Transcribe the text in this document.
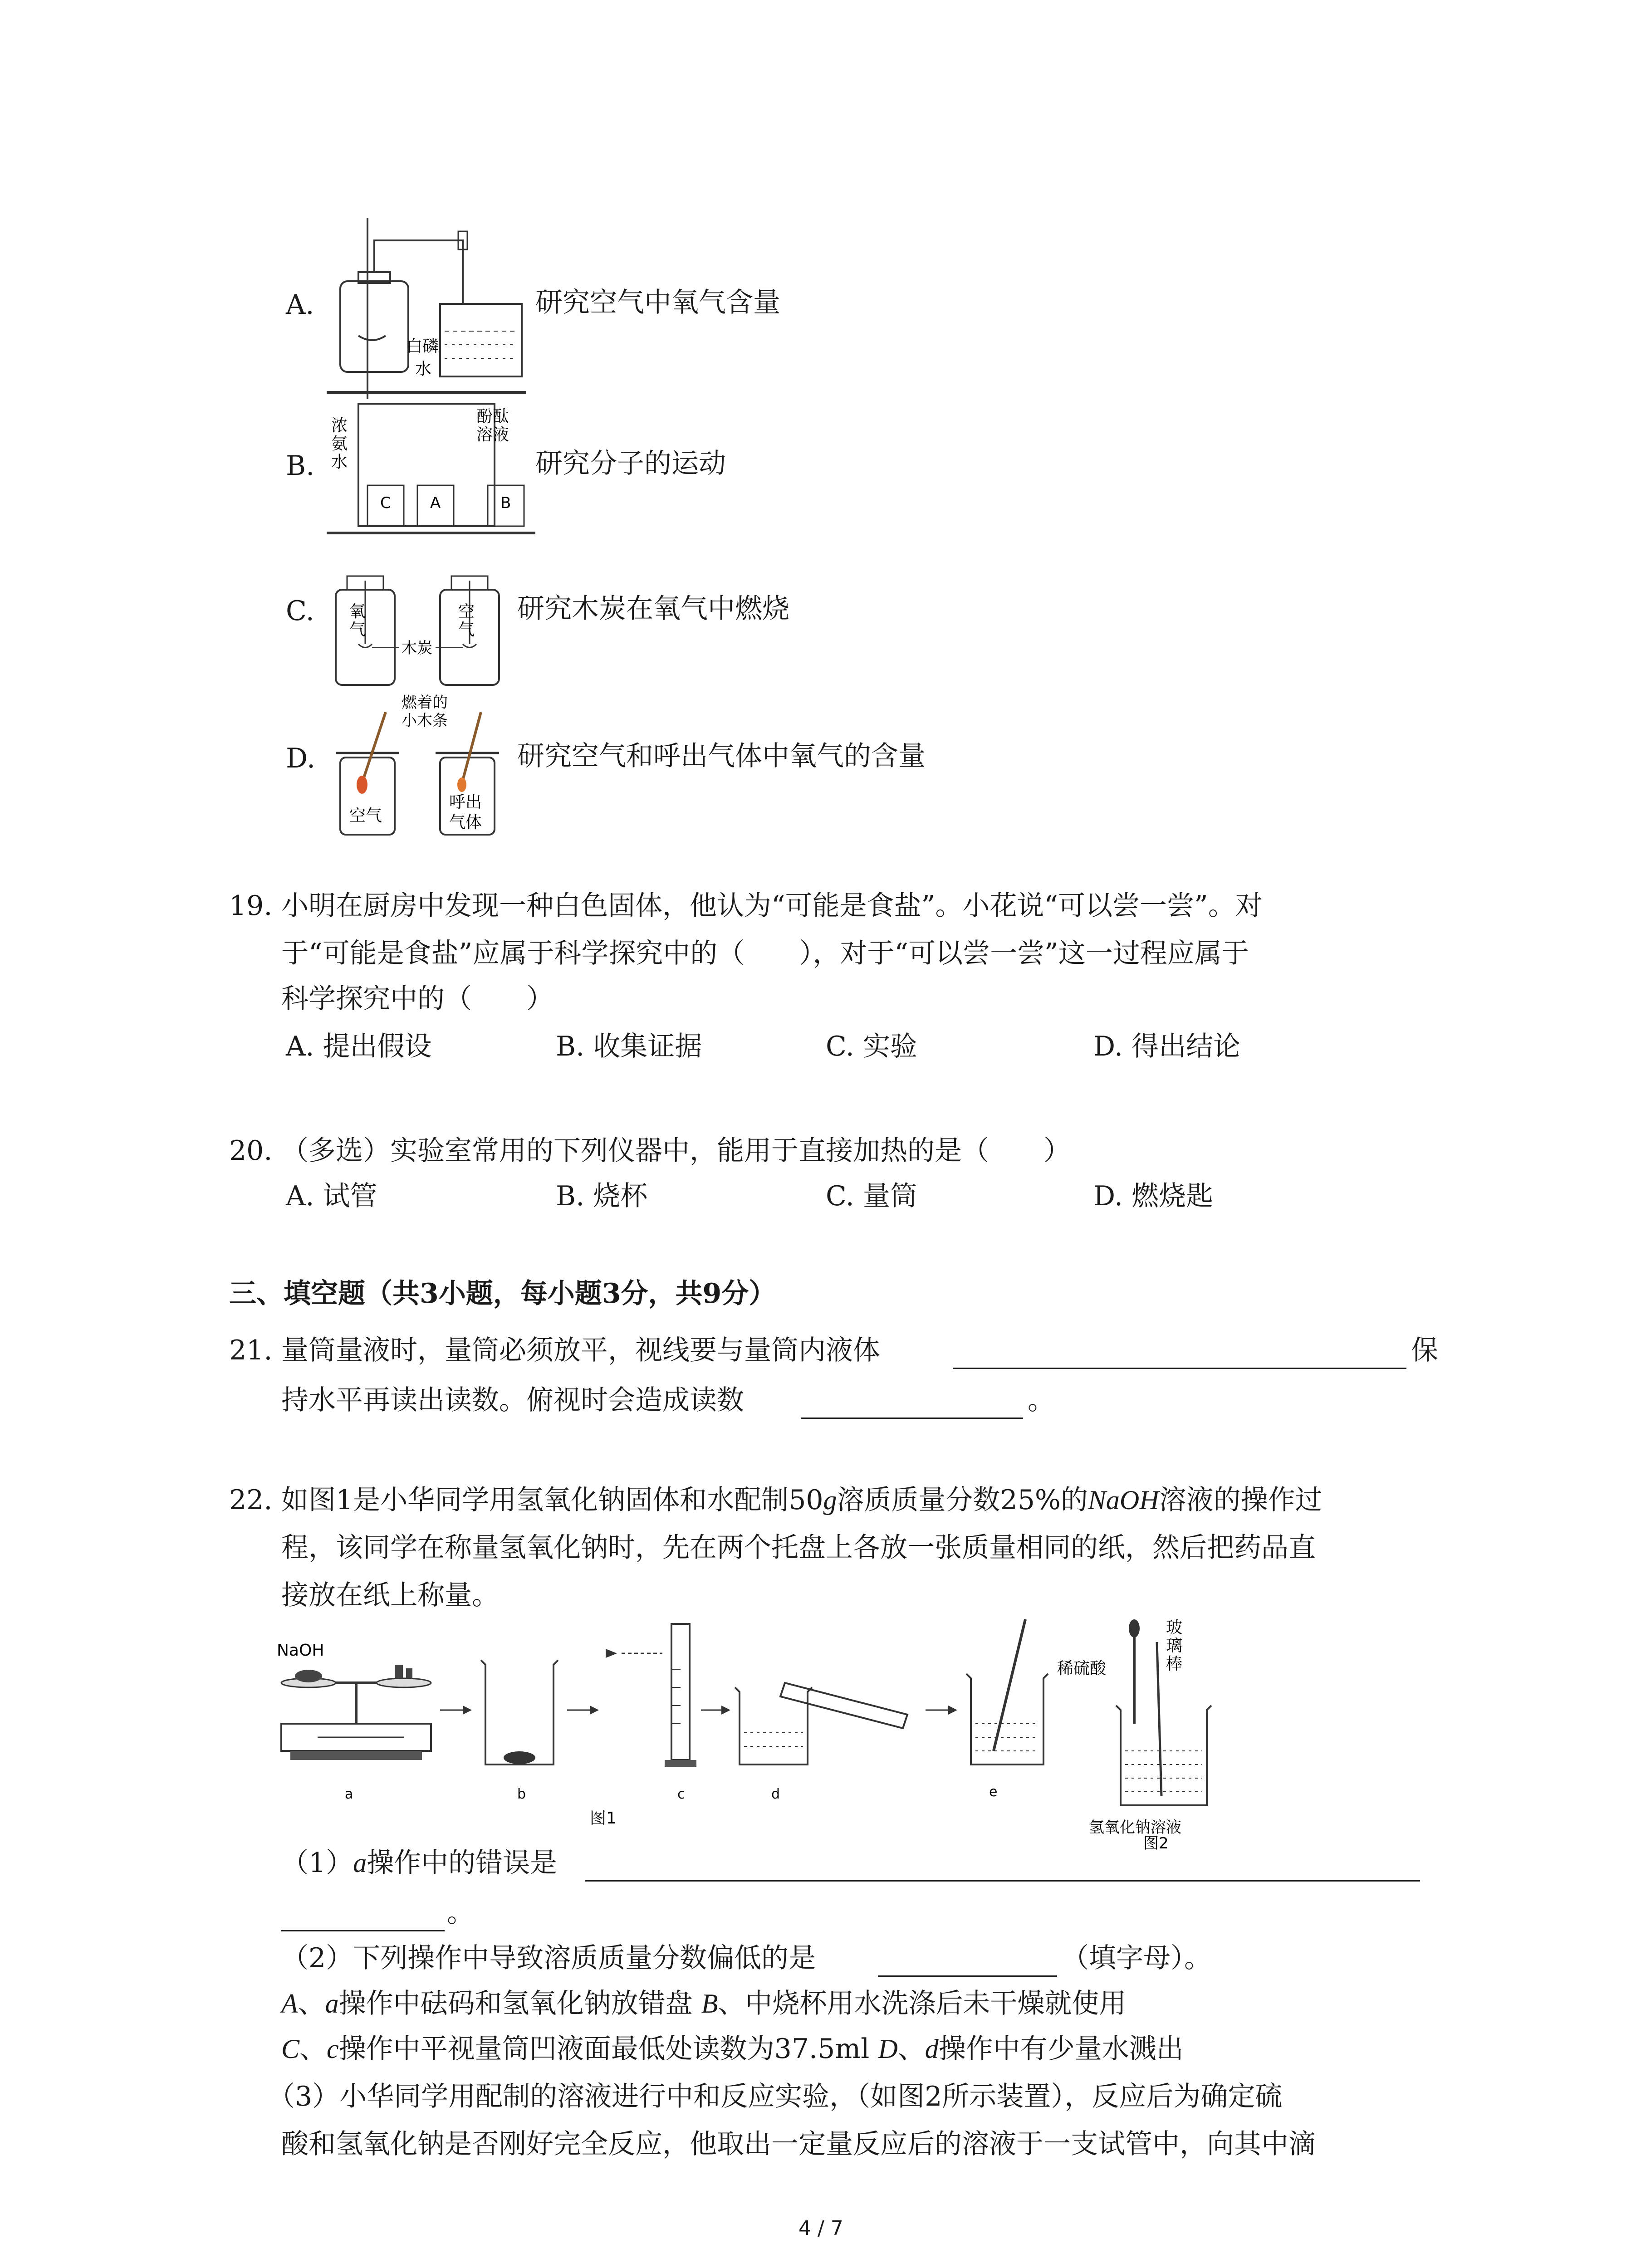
A.
白磷
水
研究空气中氧气含量
B.
浓
氨
水
酚酞
溶液
C	A	B
研究分子的运动
C. 氧
气
空
气
木炭
研究木炭在氧气中燃烧
D.
燃着的
小木条
空气
呼出
气体
研究空气和呼出气体中氧气的含量
19. 小明在厨房中发现一种白色固体，他认为“可能是食盐”。小花说“可以尝一尝”。对
于“可能是食盐”应属于科学探究中的（　　），对于“可以尝一尝”这一过程应属于
科学探究中的（　　）
A. 提出假设	B. 收集证据	C. 实验	D. 得出结论
20. （多选）实验室常用的下列仪器中，能用于直接加热的是（　　）
A. 试管	B. 烧杯	C. 量筒	D. 燃烧匙
三、填空题（共3小题，每小题3分，共9分）
21. 量筒量液时，量筒必须放平，视线要与量筒内液体	保
持水平再读出读数。俯视时会造成读数	。
22. 如图1是小华同学用氢氧化钠固体和水配制50g溶质质量分数25%的NaOH溶液的操作过
程，该同学在称量氢氧化钠时，先在两个托盘上各放一张质量相同的纸，然后把药品直
接放在纸上称量。
NaOH
a	b	c	d	e
图1
稀硫酸
玻
璃
棒
氢氧化钠溶液
图2
（1）a操作中的错误是
。
（2）下列操作中导致溶质质量分数偏低的是	（填字母）。
A、a操作中砝码和氢氧化钠放错盘 B、中烧杯用水洗涤后未干燥就使用
C、c操作中平视量筒凹液面最低处读数为37.5ml D、d操作中有少量水溅出
（3）小华同学用配制的溶液进行中和反应实验，（如图2所示装置），反应后为确定硫
酸和氢氧化钠是否刚好完全反应，他取出一定量反应后的溶液于一支试管中，向其中滴
4 / 7
